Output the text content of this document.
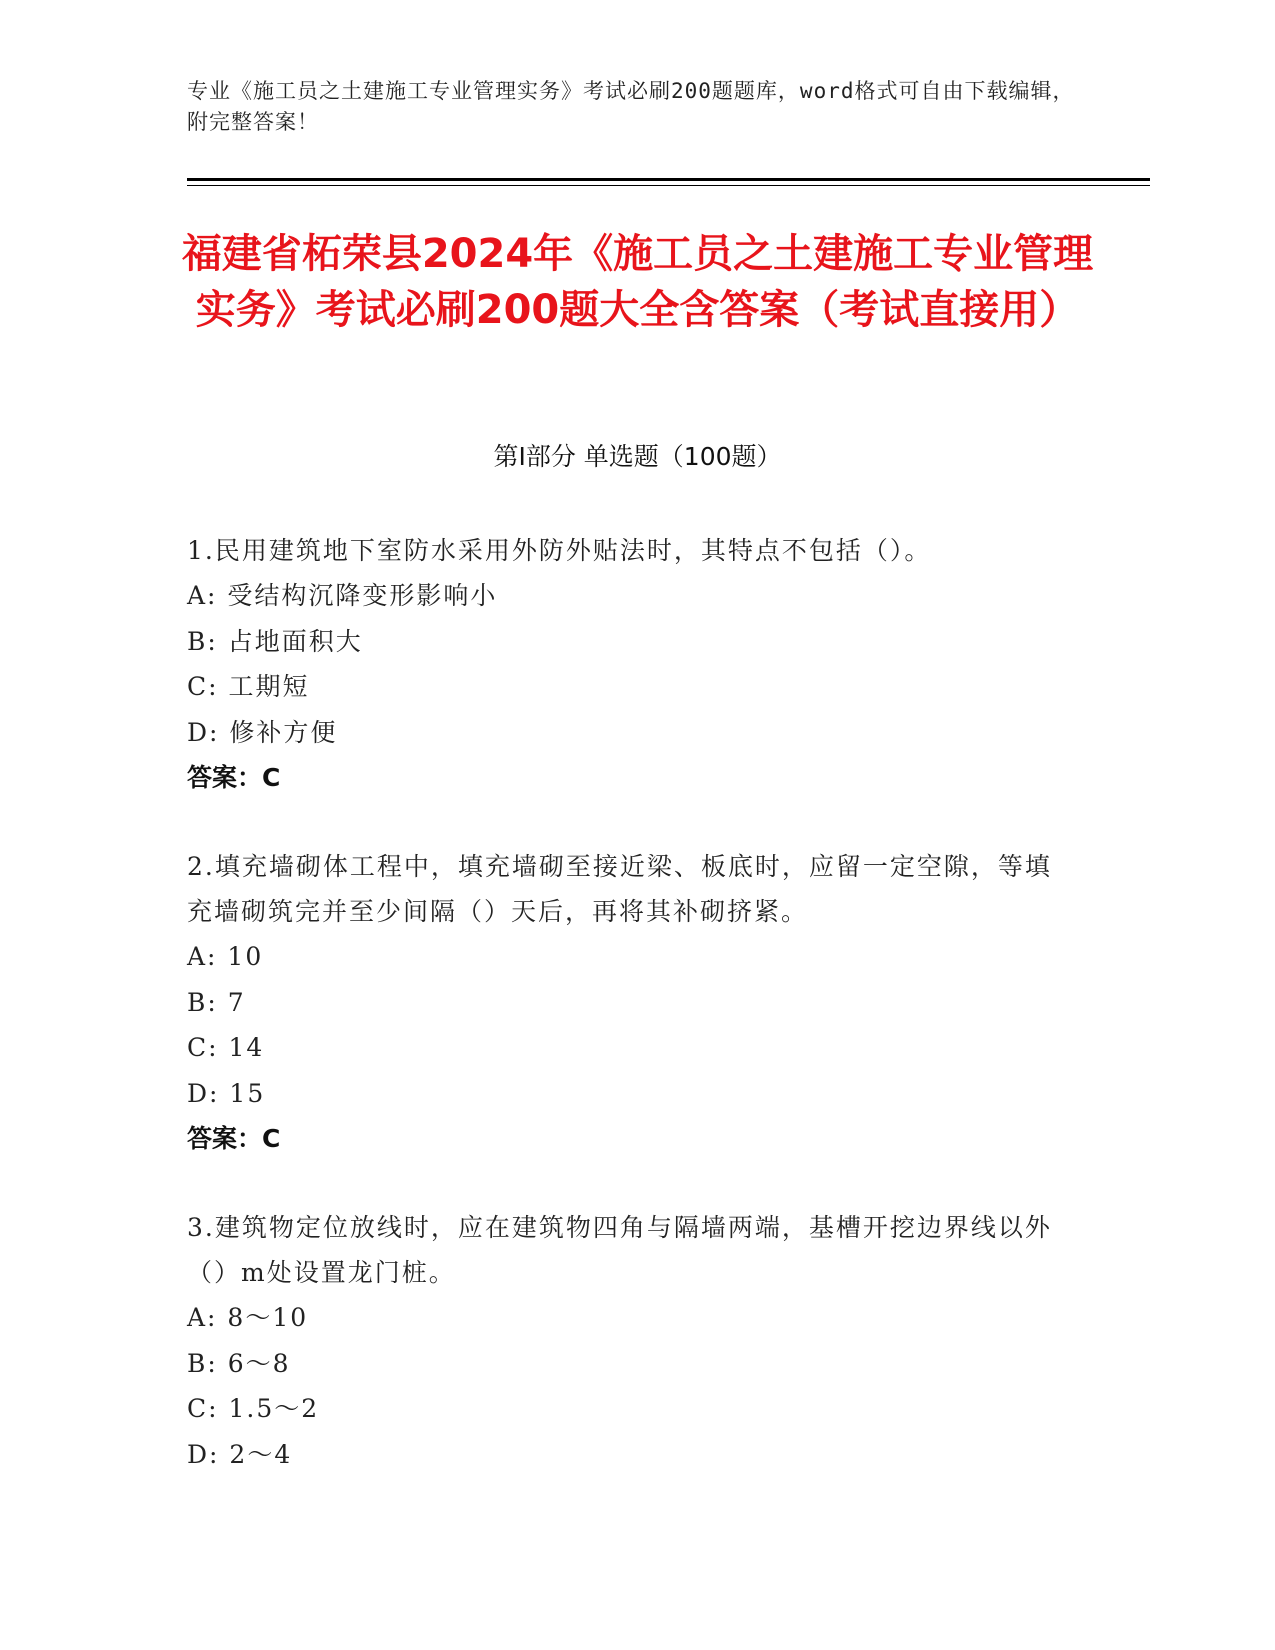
专业《施工员之土建施工专业管理实务》考试必刷200题题库，word格式可自由下载编辑，附完整答案！
福建省柘荣县2024年《施工员之土建施工专业管理实务》考试必刷200题大全含答案（考试直接用）
第I部分 单选题（100题）
1.民用建筑地下室防水采用外防外贴法时，其特点不包括（）。
A: 受结构沉降变形影响小
B: 占地面积大
C: 工期短
D: 修补方便
答案：C
2.填充墙砌体工程中，填充墙砌至接近梁、板底时，应留一定空隙，等填充墙砌筑完并至少间隔（）天后，再将其补砌挤紧。
A: 10
B: 7
C: 14
D: 15
答案：C
3.建筑物定位放线时，应在建筑物四角与隔墙两端，基槽开挖边界线以外（）m处设置龙门桩。
A: 8～10
B: 6～8
C: 1.5～2
D: 2～4
